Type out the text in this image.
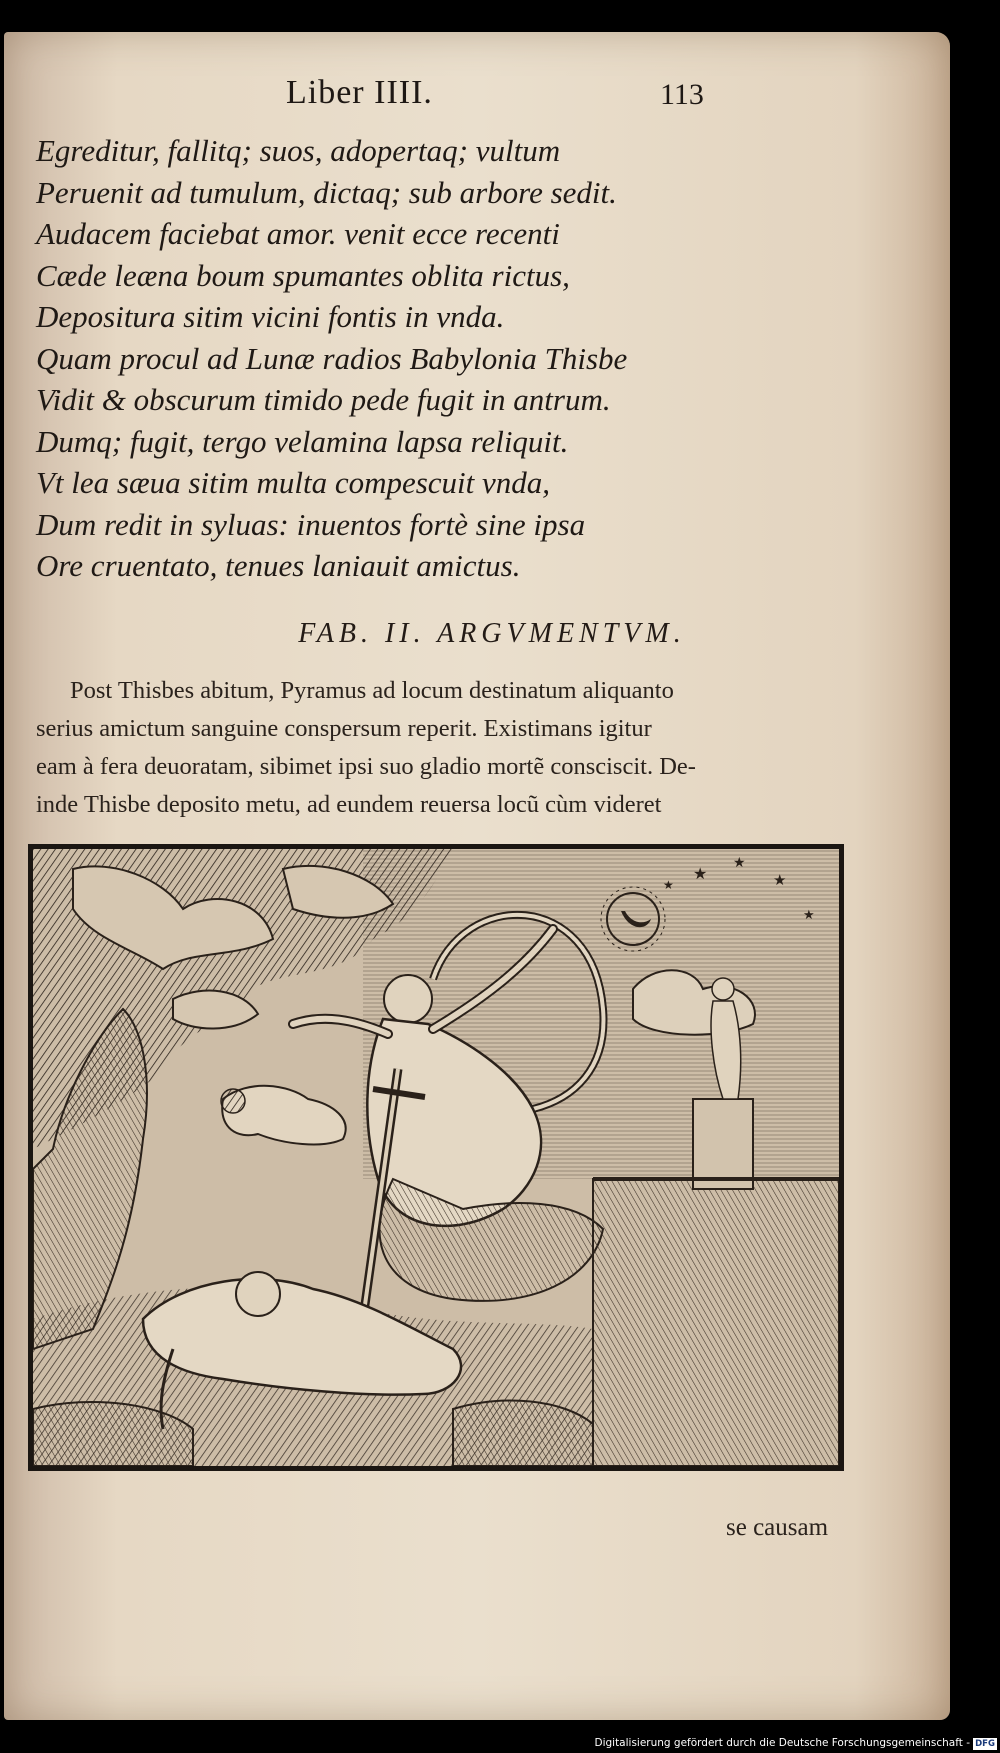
Liber IIII.	113
Egreditur, fallitq; suos, adopertaq; vultum
Peruenit ad tumulum, dictaq; sub arbore sedit.
Audacem faciebat amor. venit ecce recenti
Cæde leæna boum spumantes oblita rictus,
Depositura sitim vicini fontis in vnda.
Quam procul ad Lunæ radios Babylonia Thisbe
Vidit & obscurum timido pede fugit in antrum.
Dumq; fugit, tergo velamina lapsa reliquit.
Vt lea sæua sitim multa compescuit vnda,
Dum redit in syluas: inuentos fortè sine ipsa
Ore cruentato, tenues laniauit amictus.
FAB. II. ARGVMENTVM.
Post Thisbes abitum, Pyramus ad locum destinatum aliquanto
serius amictum sanguine conspersum reperit. Existimans igitur
eam à fera deuoratam, sibimet ipsi suo gladio mortẽ consciscit. De-
inde Thisbe deposito metu, ad eundem reuersa locũ cùm videret
★
★
★
★
★
se causam
Digitalisierung gefördert durch die Deutsche Forschungsgemeinschaft - DFG
